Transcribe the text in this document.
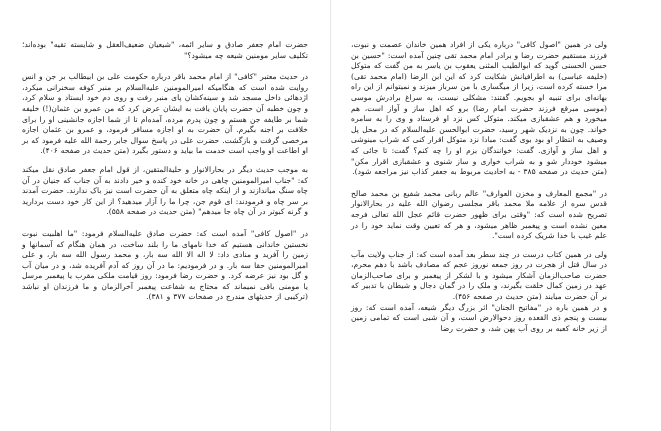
حضرت امام جعفر صادق و سایر ائمه، "شیعیان ضعیف‌العقل و شایسته تقیه" بوده‌اند؛ تکلیف سایر مومنین شیعه چه میشود؟"

در حدیث معتبر "کافی" از امام محمد باقر درباره حکومت علی بن ابیطالب بر جن و انس روایت شده است که هنگامیکه امیرالمومنین علیه‌السلام بر منبر کوفه سخنرانی میکرد، اژدهائی داخل مسجد شد و سینه‌کشان پای منبر رفت و روی دم خود ایستاد و سلام کرد، و چون خطبه آن حضرت پایان یافت به ایشان عرض کرد که من عمرو بن عثمان(!) خلیفه شما بر طایفه جن هستم و چون پدرم مرده، آمده‌ام تا از شما اجازه جانشینی او را برای خلافت بر اجنه بگیرم. آن حضرت به او اجازه مسافر فرمود، و عمرو بن عثمان اجازه مرخصی گرفت و بازگشت. حضرت علی در پاسخ سوال جابر رحمة الله علیه فرمود که بر او اطاعت او واجب است خدمت ما بیاید و دستور بگیرد (متن حدیث در صفحه ۴۰۶).

به موجب حدیث دیگر در بحارالانوار و حلیةالمتقین، از قول امام جعفر صادق نقل میکند که: "جناب امیرالمومنین چاهی در خانه خود کنده و خیر دادند به آن جناب که جنیان در آن چاه سنگ میاندازند و از اینکه چاه متعلق به آن حضرت است نیز باک ندارند. حضرت آمدند بر سر چاه و فرمودند: ای قوم جن، چرا ما را آزار میدهید؟ از این کار خود دست بردارید و گرنه کبوتر در آن چاه جا میدهم" (متن حدیث در صفحه ۵۵۸).

در "اصول کافی" آمده است که: حضرت صادق علیه‌السلام فرمود: "ما اهلبیت نبوت نخستین خاندانی هستیم که خدا نامهای ما را بلند ساخت، در همان هنگام که آسمانها و زمین را آفرید و منادی داد: لا اله الا الله سه بار، و محمد رسول الله سه بار، و علی امیرالمومنین حقا سه بار. و در فرمودیم: ما در آن روز که آدم آفریده شد، و در میان آب و گل بود نیز عرضه کرد. و حضرت رضا فرمود: روز قیامت ملکی مقرب یا پیغمبر مرسل یا مومنی باقی نمیماند که محتاج به شفاعت پیغمبر آخرالزمان و ما فرزندان او نباشد (ترکیبی از حدیثهای مندرج در صفحات ۳۷۷ و ۳۸۱).

ولی در همین "اصول کافی" درباره یکی از افراد همین خاندان عصمت و نبوت، فرزند مستقیم حضرت رضا و برادر امام محمد تقی چنین آمده است: "حسین بن حسن الحسنی گوید که ابوالطیب المثنی یعقوب بن یاسر به من گفت که متوکل (خلیفه عباسی) به اطرافیانش شکایت کرد که این ابن الرضا (امام محمد تقی) مرا خسته کرده است، زیرا از میگساری با من سرباز میزند و نمیتوانم از این راه بهانه‌ای برای تنبیه او بجویم. گفتند: مشکلی نیست، به سراغ برادرش موسی (موسی مبرقع فرزند حضرت امام رضا) برو که اهل ساز و آواز است، هم میخورد و هم عشقبازی میکند. متوکل کس نزد او فرستاد و وی را به سامره خواند. چون به نزدیک شهر رسید، حضرت ابوالحسن علیه‌السلام که در محل پل وصیف به انتظار او بود بوی گفت: مبادا نزد متوکل اقرار کنی که شراب مینوشی و اهل ساز و آوازی. گفت: خوانندگان بزم او را چه کنم؟ گفت: تا جائی که میشود خوددار شو و به شراب خواری و ساز شنوی و عشقبازی اقرار مکن" (متن حدیث در صفحه ۳۸۵ - به احادیث مربوط به جعفر کذاب نیز مراجعه شود).

در "مجمع المعارف و مخزن العوارف" عالم ربانی محمد شفیع بن محمد صالح قدس سره از علامه ملا محمد باقر مجلسی رضوان الله علیه در بحارالانوار تصریح شده است که: "وقتی برای ظهور حضرت قائم عجل الله تعالی فرجه معین نشده است و پیغمبر ظاهر میشود، و هر که تعیین وقت نماید خود را در علم غیب با خدا شریک کرده است".

ولی در همین کتاب درست در چند سطر بعد آمده است که: از جناب ولایت مآب در سال قتل از هجرت در روز جمعه نوروز عجم که مصادف باشد با دهم محرم، حضرت صاحب‌الزمان آشکار میشود و با لشکر از پیغمبر و برای صاحب‌الزمان عهد در زمین کمال خلقت بگیرند، و ملک را در گمان دجال و شیطان با تدبیر که بر آن حضرت میایند (متن حدیث در صفحه ۴۵۶).

و در همین باره در "مفاتیح الجنان" اثر بزرگ دیگر شیعه، آمده است که: روز بیست و پنجم ذی القعده روز دحوالارض است، و آن شبی است که تمامی زمین از زیر خانه کعبه بر روی آب پهن شد، و حضرت رضا
